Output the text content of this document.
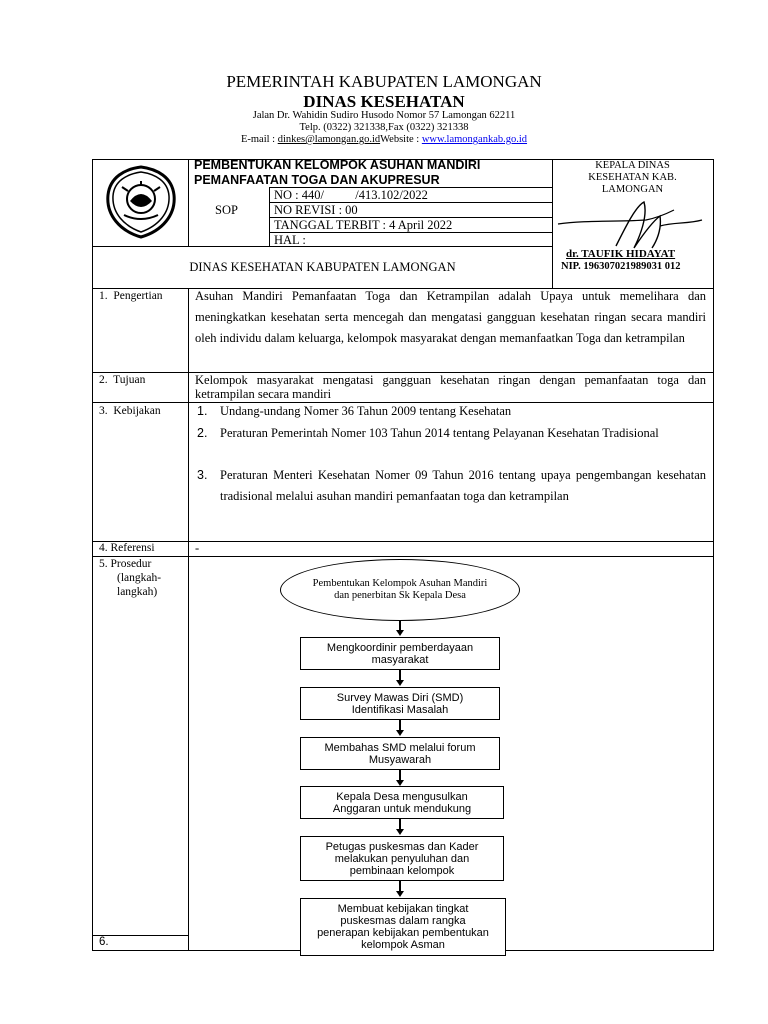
PEMERINTAH KABUPATEN LAMONGAN
DINAS KESEHATAN
Jalan Dr. Wahidin Sudiro Husodo Nomor 57 Lamongan 62211
Telp. (0322) 321338,Fax (0322) 321338
E-mail : dinkes@lamongan.go.idWebsite : www.lamongankab.go.id
PEMBENTUKAN KELOMPOK ASUHAN MANDIRI
PEMANFAATAN TOGA DAN AKUPRESUR
SOP
NO : 440/          /413.102/2022
NO REVISI : 00
TANGGAL TERBIT : 4 April 2022
HAL :
DINAS KESEHATAN KABUPATEN LAMONGAN
KEPALA DINAS
KESEHATAN KAB.
LAMONGAN
dr. TAUFIK HIDAYAT
NIP. 196307021989031 012
1.  Pengertian	Asuhan Mandiri Pemanfaatan Toga dan Ketrampilan adalah Upaya untuk memelihara dan meningkatkan kesehatan serta mencegah dan mengatasi gangguan kesehatan ringan secara mandiri oleh individu dalam keluarga, kelompok masyarakat dengan memanfaatkan Toga dan ketrampilan
2.  Tujuan	Kelompok masyarakat mengatasi gangguan kesehatan ringan dengan pemanfaatan toga dan ketrampilan secara mandiri
3.  Kebijakan	1. Undang-undang Nomer 36 Tahun 2009 tentang Kesehatan
2. Peraturan Pemerintah Nomer 103 Tahun 2014 tentang Pelayanan Kesehatan Tradisional
3. Peraturan Menteri Kesehatan Nomer 09 Tahun 2016 tentang upaya pengembangan kesehatan tradisional melalui asuhan mandiri pemanfaatan toga dan ketrampilan
4. Referensi	-
5. Prosedur
(langkah-
langkah)
6.
Pembentukan Kelompok Asuhan Mandiri dan penerbitan Sk Kepala Desa
Mengkoordinir pemberdayaan masyarakat
Survey Mawas Diri (SMD) Identifikasi Masalah
Membahas SMD melalui forum Musyawarah
Kepala Desa mengusulkan Anggaran untuk mendukung
Petugas puskesmas dan Kader melakukan penyuluhan dan pembinaan kelompok
Membuat kebijakan tingkat puskesmas dalam rangka penerapan kebijakan pembentukan kelompok Asman
